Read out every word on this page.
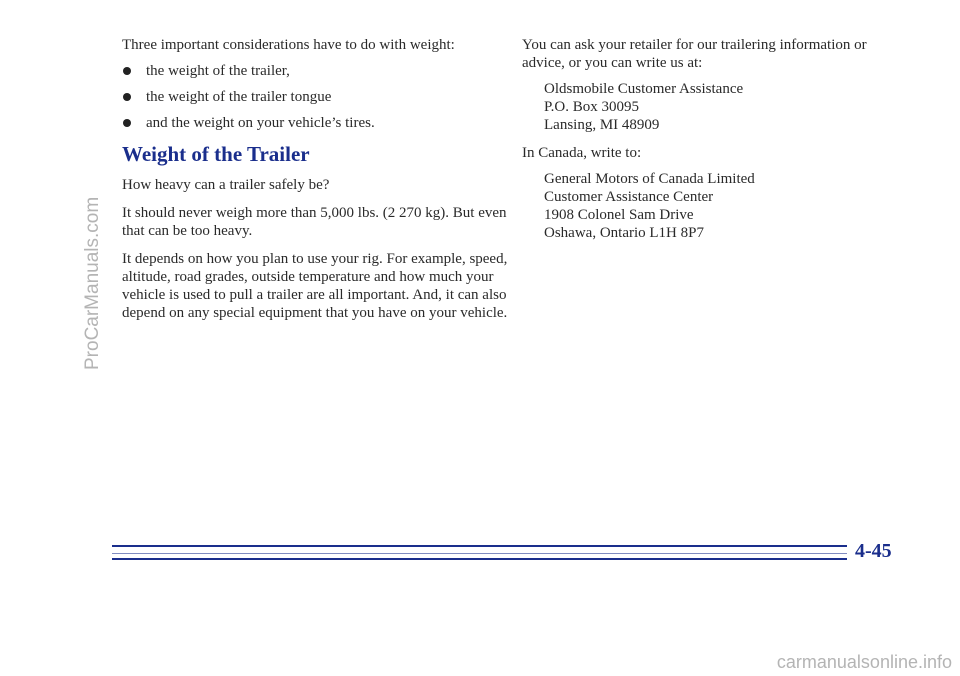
Three important considerations have to do with weight:

the weight of the trailer,
the weight of the trailer tongue
and the weight on your vehicle’s tires.
Weight of the Trailer

How heavy can a trailer safely be?

It should never weigh more than 5,000 lbs. (2 270 kg). But even that can be too heavy.

It depends on how you plan to use your rig. For example, speed, altitude, road grades, outside temperature and how much your vehicle is used to pull a trailer are all important. And, it can also depend on any special equipment that you have on your vehicle.

You can ask your retailer for our trailering information or advice, or you can write us at:

Oldsmobile Customer Assistance

P.O. Box 30095

Lansing, MI 48909

In Canada, write to:

General Motors of Canada Limited

Customer Assistance Center

1908 Colonel Sam Drive

Oshawa, Ontario L1H 8P7

ProCarManuals.com
4-45
carmanualsonline.info
